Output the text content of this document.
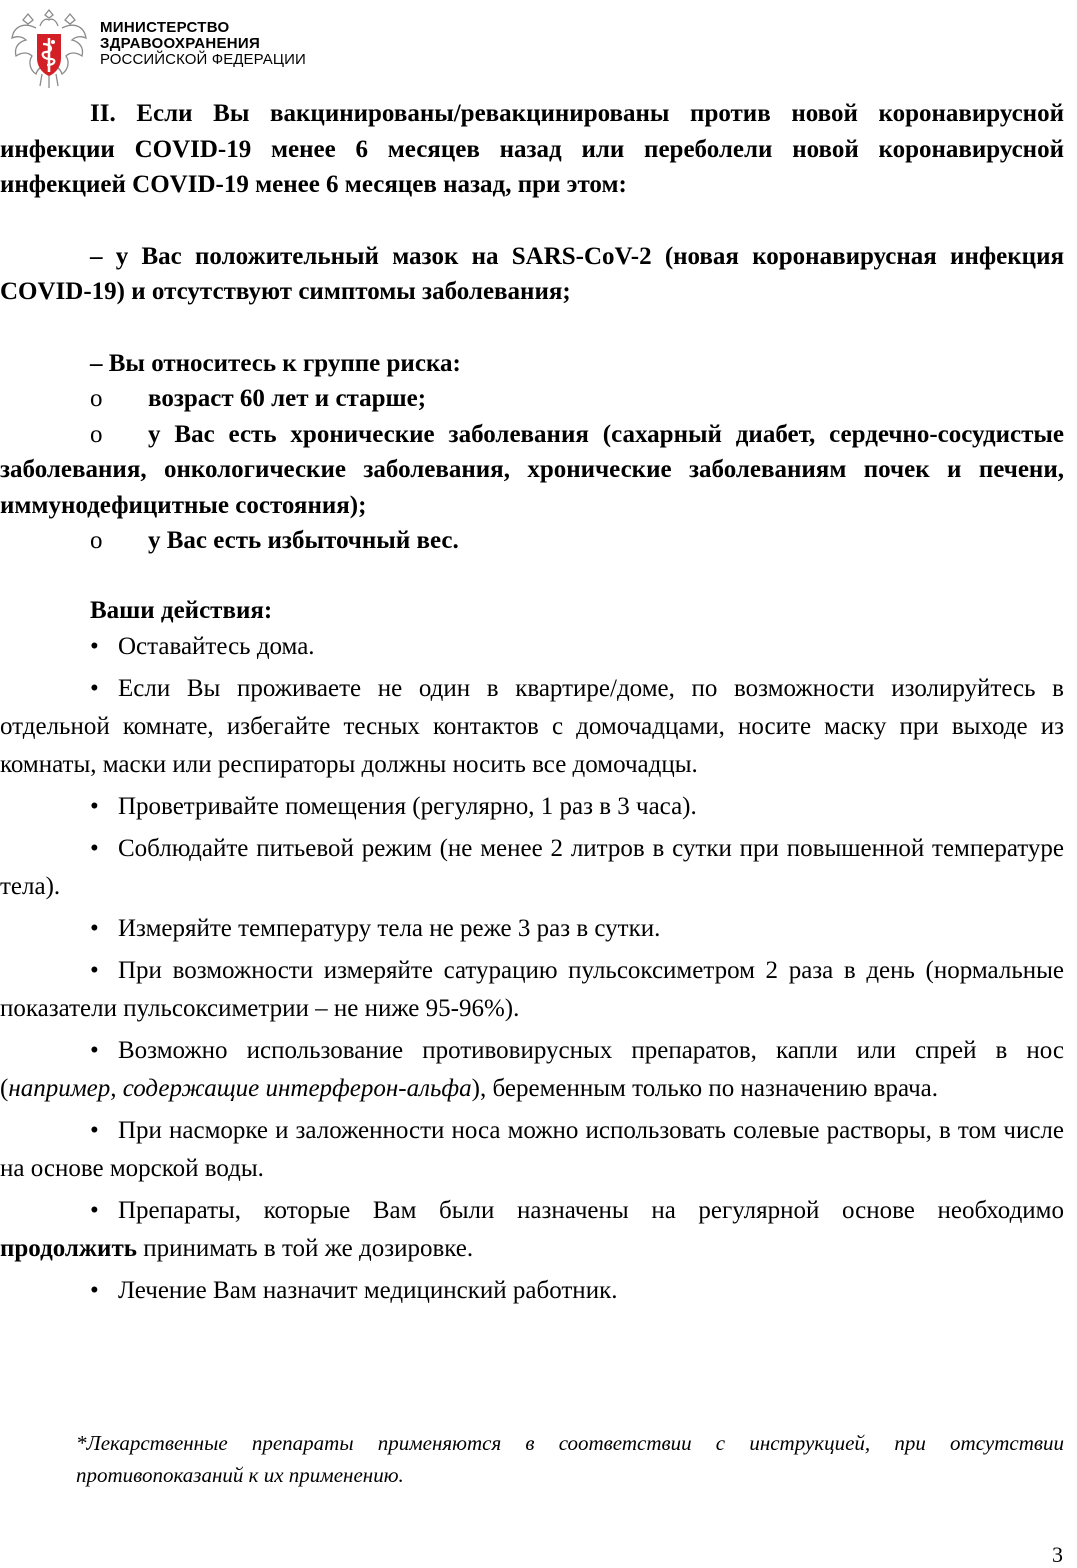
МИНИСТЕРСТВО
ЗДРАВООХРАНЕНИЯ
РОССИЙСКОЙ ФЕДЕРАЦИИ

II. Если Вы вакцинированы/ревакцинированы против новой коронавирусной инфекции COVID-19 менее 6 месяцев назад или переболели новой коронавирусной инфекцией COVID-19 менее 6 месяцев назад, при этом:

– у Вас положительный мазок на SARS-CoV-2 (новая коронавирусная инфекция COVID-19) и отсутствуют симптомы заболевания;

– Вы относитесь к группе риска:

o	возраст 60 лет и старше;

o у Вас есть хронические заболевания (сахарный диабет, сердечно-сосудистые заболевания, онкологические заболевания, хронические заболеваниям почек и печени, иммунодефицитные состояния);

o	у Вас есть избыточный вес.

Ваши действия:

• Оставайтесь дома.

• Если Вы проживаете не один в квартире/доме, по возможности изолируйтесь в отдельной комнате, избегайте тесных контактов с домочадцами, носите маску при выходе из комнаты, маски или респираторы должны носить все домочадцы.

• Проветривайте помещения (регулярно, 1 раз в 3 часа).

• Соблюдайте питьевой режим (не менее 2 литров в сутки при повышенной температуре тела).

• Измеряйте температуру тела не реже 3 раз в сутки.

• При возможности измеряйте сатурацию пульсоксиметром 2 раза в день (нормальные показатели пульсоксиметрии – не ниже 95-96%).

• Возможно использование противовирусных препаратов, капли или спрей в нос (например, содержащие интерферон-альфа), беременным только по назначению врача.

• При насморке и заложенности носа можно использовать солевые растворы, в том числе на основе морской воды.

• Препараты, которые Вам были назначены на регулярной основе необходимо продолжить принимать в той же дозировке.

• Лечение Вам назначит медицинский работник.

*Лекарственные препараты применяются в соответствии с инструкцией, при отсутствии противопоказаний к их применению.
3
